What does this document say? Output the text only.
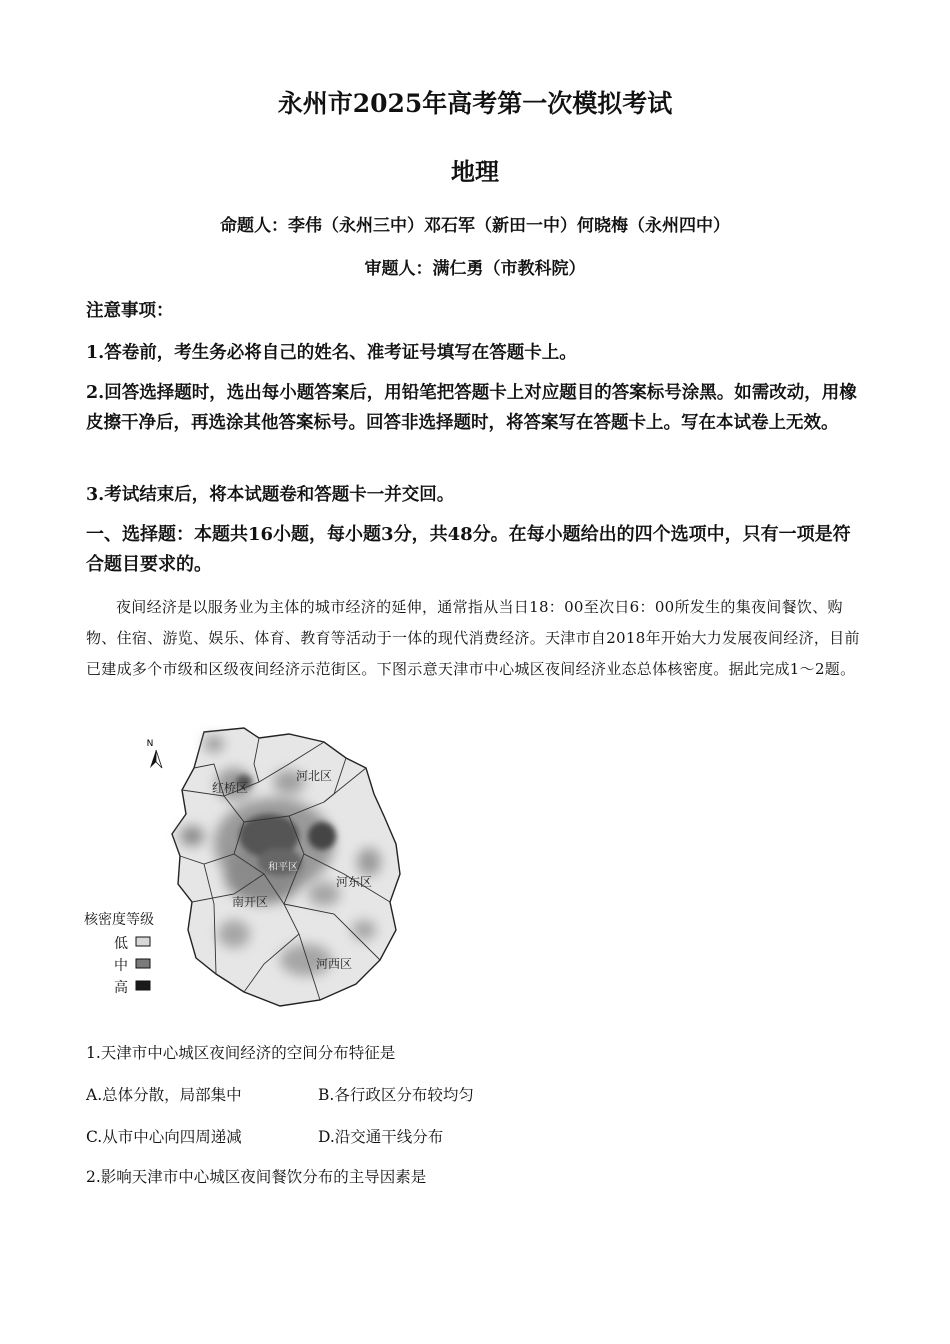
永州市2025年高考第一次模拟考试
地理
命题人：李伟（永州三中）邓石军（新田一中）何晓梅（永州四中）
审题人：满仁勇（市教科院）
注意事项：
1.答卷前，考生务必将自己的姓名、准考证号填写在答题卡上。
2.回答选择题时，选出每小题答案后，用铅笔把答题卡上对应题目的答案标号涂黑。如需改动，用橡皮擦干净后，再选涂其他答案标号。回答非选择题时，将答案写在答题卡上。写在本试卷上无效。
3.考试结束后，将本试题卷和答题卡一并交回。
一、选择题：本题共16小题，每小题3分，共48分。在每小题给出的四个选项中，只有一项是符合题目要求的。
夜间经济是以服务业为主体的城市经济的延伸，通常指从当日18：00至次日6：00所发生的集夜间餐饮、购物、住宿、游览、娱乐、体育、教育等活动于一体的现代消费经济。天津市自2018年开始大力发展夜间经济，目前已建成多个市级和区级夜间经济示范街区。下图示意天津市中心城区夜间经济业态总体核密度。据此完成1～2题。
N
红桥区
河北区
南开区
河东区
河西区
和平区
核密度等级
低
中
高
1.天津市中心城区夜间经济的空间分布特征是
A.总体分散，局部集中	B.各行政区分布较均匀
C.从市中心向四周递减	D.沿交通干线分布
2.影响天津市中心城区夜间餐饮分布的主导因素是
